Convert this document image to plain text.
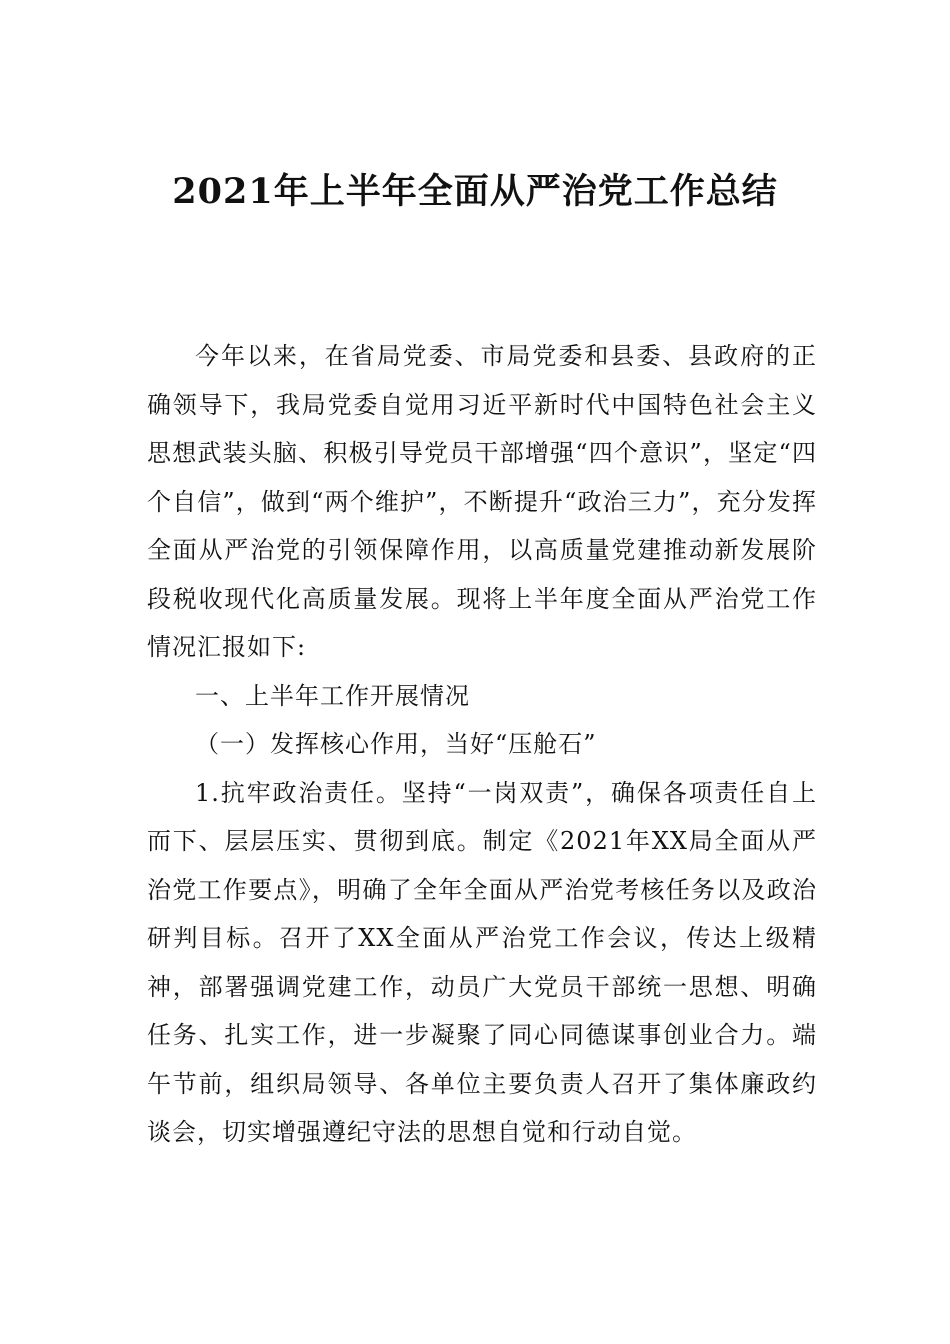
2021年上半年全面从严治党工作总结

今年以来，在省局党委、市局党委和县委、县政府的正确领导下，我局党委自觉用习近平新时代中国特色社会主义思想武装头脑、积极引导党员干部增强“四个意识”，坚定“四个自信”，做到“两个维护”，不断提升“政治三力”，充分发挥全面从严治党的引领保障作用，以高质量党建推动新发展阶段税收现代化高质量发展。现将上半年度全面从严治党工作情况汇报如下:

一、上半年工作开展情况

（一）发挥核心作用，当好“压舱石”

1.抗牢政治责任。坚持“一岗双责”，确保各项责任自上而下、层层压实、贯彻到底。制定《2021年XX局全面从严治党工作要点》，明确了全年全面从严治党考核任务以及政治研判目标。召开了XX全面从严治党工作会议，传达上级精神，部署强调党建工作，动员广大党员干部统一思想、明确任务、扎实工作，进一步凝聚了同心同德谋事创业合力。端午节前，组织局领导、各单位主要负责人召开了集体廉政约谈会，切实增强遵纪守法的思想自觉和行动自觉。
